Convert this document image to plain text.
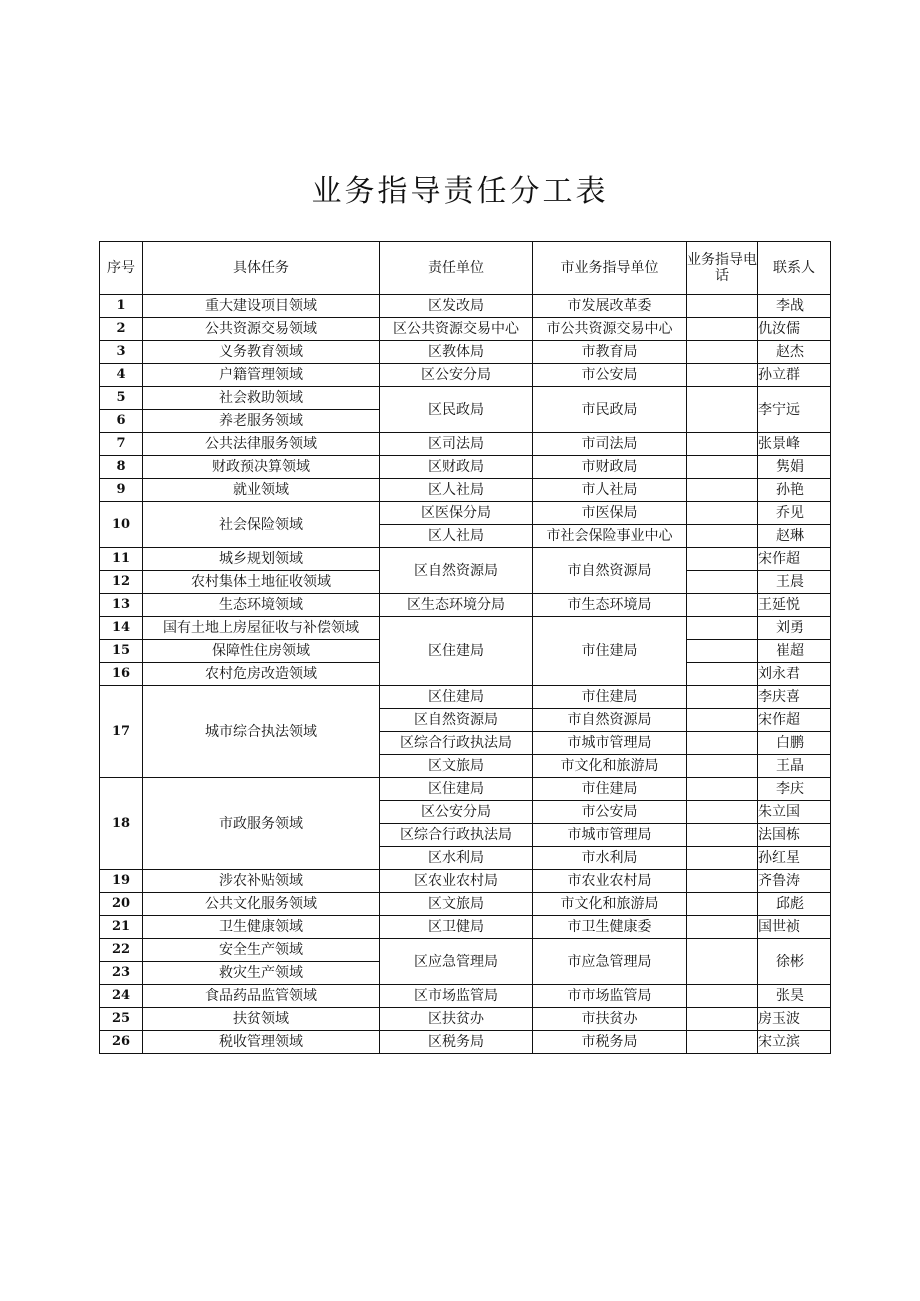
业务指导责任分工表
序号	具体任务	责任单位	市业务指导单位	业务指导电话	联系人
1	重大建设项目领域	区发改局	市发展改革委		李战
2	公共资源交易领域	区公共资源交易中心	市公共资源交易中心		仇汝儒
3	义务教育领域	区教体局	市教育局		赵杰
4	户籍管理领域	区公安分局	市公安局		孙立群
5	社会救助领域	区民政局	市民政局		李宁远
6	养老服务领域				
7	公共法律服务领域	区司法局	市司法局		张景峰
8	财政预决算领域	区财政局	市财政局		隽娟
9	就业领域	区人社局	市人社局		孙艳
10	社会保险领域	区医保分局	市医保局		乔见
		区人社局	市社会保险事业中心		赵琳
11	城乡规划领域	区自然资源局	市自然资源局		宋作超
12	农村集体土地征收领域				王晨
13	生态环境领域	区生态环境分局	市生态环境局		王延悦
14	国有土地上房屋征收与补偿领域	区住建局	市住建局		刘勇
15	保障性住房领域				崔超
16	农村危房改造领域				刘永君
17	城市综合执法领域	区住建局	市住建局		李庆喜
		区自然资源局	市自然资源局		宋作超
		区综合行政执法局	市城市管理局		白鹏
		区文旅局	市文化和旅游局		王晶
18	市政服务领域	区住建局	市住建局		李庆
		区公安分局	市公安局		朱立国
		区综合行政执法局	市城市管理局		法国栋
		区水利局	市水利局		孙红星
19	涉农补贴领域	区农业农村局	市农业农村局		齐鲁涛
20	公共文化服务领域	区文旅局	市文化和旅游局		邱彪
21	卫生健康领域	区卫健局	市卫生健康委		国世祯
22	安全生产领域	区应急管理局	市应急管理局		徐彬
23	救灾生产领域				
24	食品药品监管领域	区市场监管局	市市场监管局		张昊
25	扶贫领域	区扶贫办	市扶贫办		房玉波
26	税收管理领域	区税务局	市税务局		宋立滨
